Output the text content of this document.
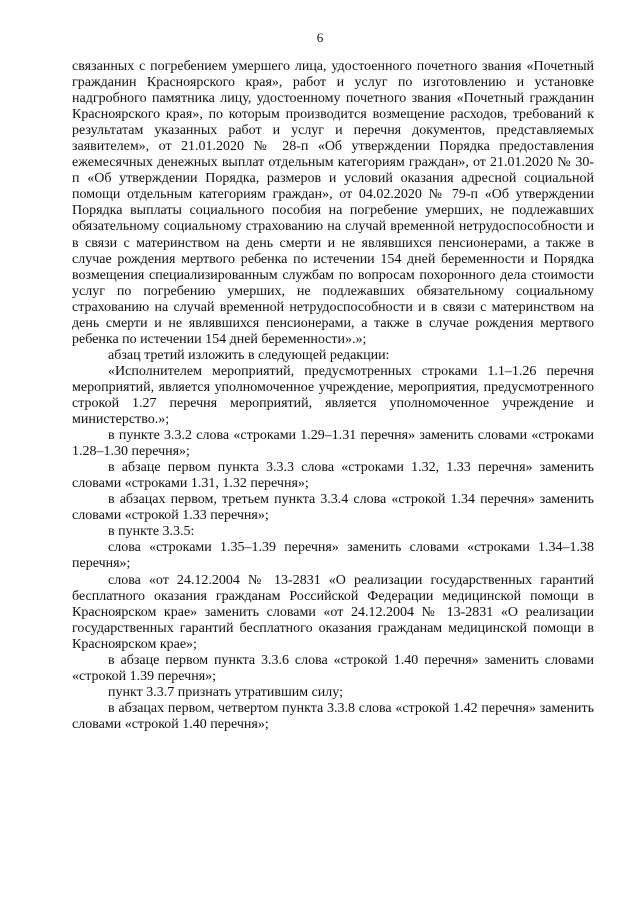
6

связанных с погребением умершего лица, удостоенного почетного звания «Почетный гражданин Красноярского края», работ и услуг по изготовлению и установке надгробного памятника лицу, удостоенному почетного звания «Почетный гражданин Красноярского края», по которым производится возмещение расходов, требований к результатам указанных работ и услуг и перечня документов, представляемых заявителем», от 21.01.2020 № 28-п «Об утверждении Порядка предоставления ежемесячных денежных выплат отдельным категориям граждан», от 21.01.2020 № 30-п «Об утверждении Порядка, размеров и условий оказания адресной социальной помощи отдельным категориям граждан», от 04.02.2020 № 79-п «Об утверждении Порядка выплаты социального пособия на погребение умерших, не подлежавших обязательному социальному страхованию на случай временной нетрудоспособности и в связи с материнством на день смерти и не являвшихся пенсионерами, а также в случае рождения мертвого ребенка по истечении 154 дней беременности и Порядка возмещения специализированным службам по вопросам похоронного дела стоимости услуг по погребению умерших, не подлежавших обязательному социальному страхованию на случай временной нетрудоспособности и в связи с материнством на день смерти и не являвшихся пенсионерами, а также в случае рождения мертвого ребенка по истечении 154 дней беременности».»;

абзац третий изложить в следующей редакции:

«Исполнителем мероприятий, предусмотренных строками 1.1–1.26 перечня мероприятий, является уполномоченное учреждение, мероприятия, предусмотренного строкой 1.27 перечня мероприятий, является уполномоченное учреждение и министерство.»;

в пункте 3.3.2 слова «строками 1.29–1.31 перечня» заменить словами «строками 1.28–1.30 перечня»;

в абзаце первом пункта 3.3.3 слова «строками 1.32, 1.33 перечня» заменить словами «строками 1.31, 1.32 перечня»;

в абзацах первом, третьем пункта 3.3.4 слова «строкой 1.34 перечня» заменить словами «строкой 1.33 перечня»;

в пункте 3.3.5:

слова «строками 1.35–1.39 перечня» заменить словами «строками 1.34–1.38 перечня»;

слова «от 24.12.2004 № 13-2831 «О реализации государственных гарантий бесплатного оказания гражданам Российской Федерации медицинской помощи в Красноярском крае» заменить словами «от 24.12.2004 № 13-2831 «О реализации государственных гарантий бесплатного оказания гражданам медицинской помощи в Красноярском крае»;

в абзаце первом пункта 3.3.6 слова «строкой 1.40 перечня» заменить словами «строкой 1.39 перечня»;

пункт 3.3.7 признать утратившим силу;

в абзацах первом, четвертом пункта 3.3.8 слова «строкой 1.42 перечня» заменить словами «строкой 1.40 перечня»;
